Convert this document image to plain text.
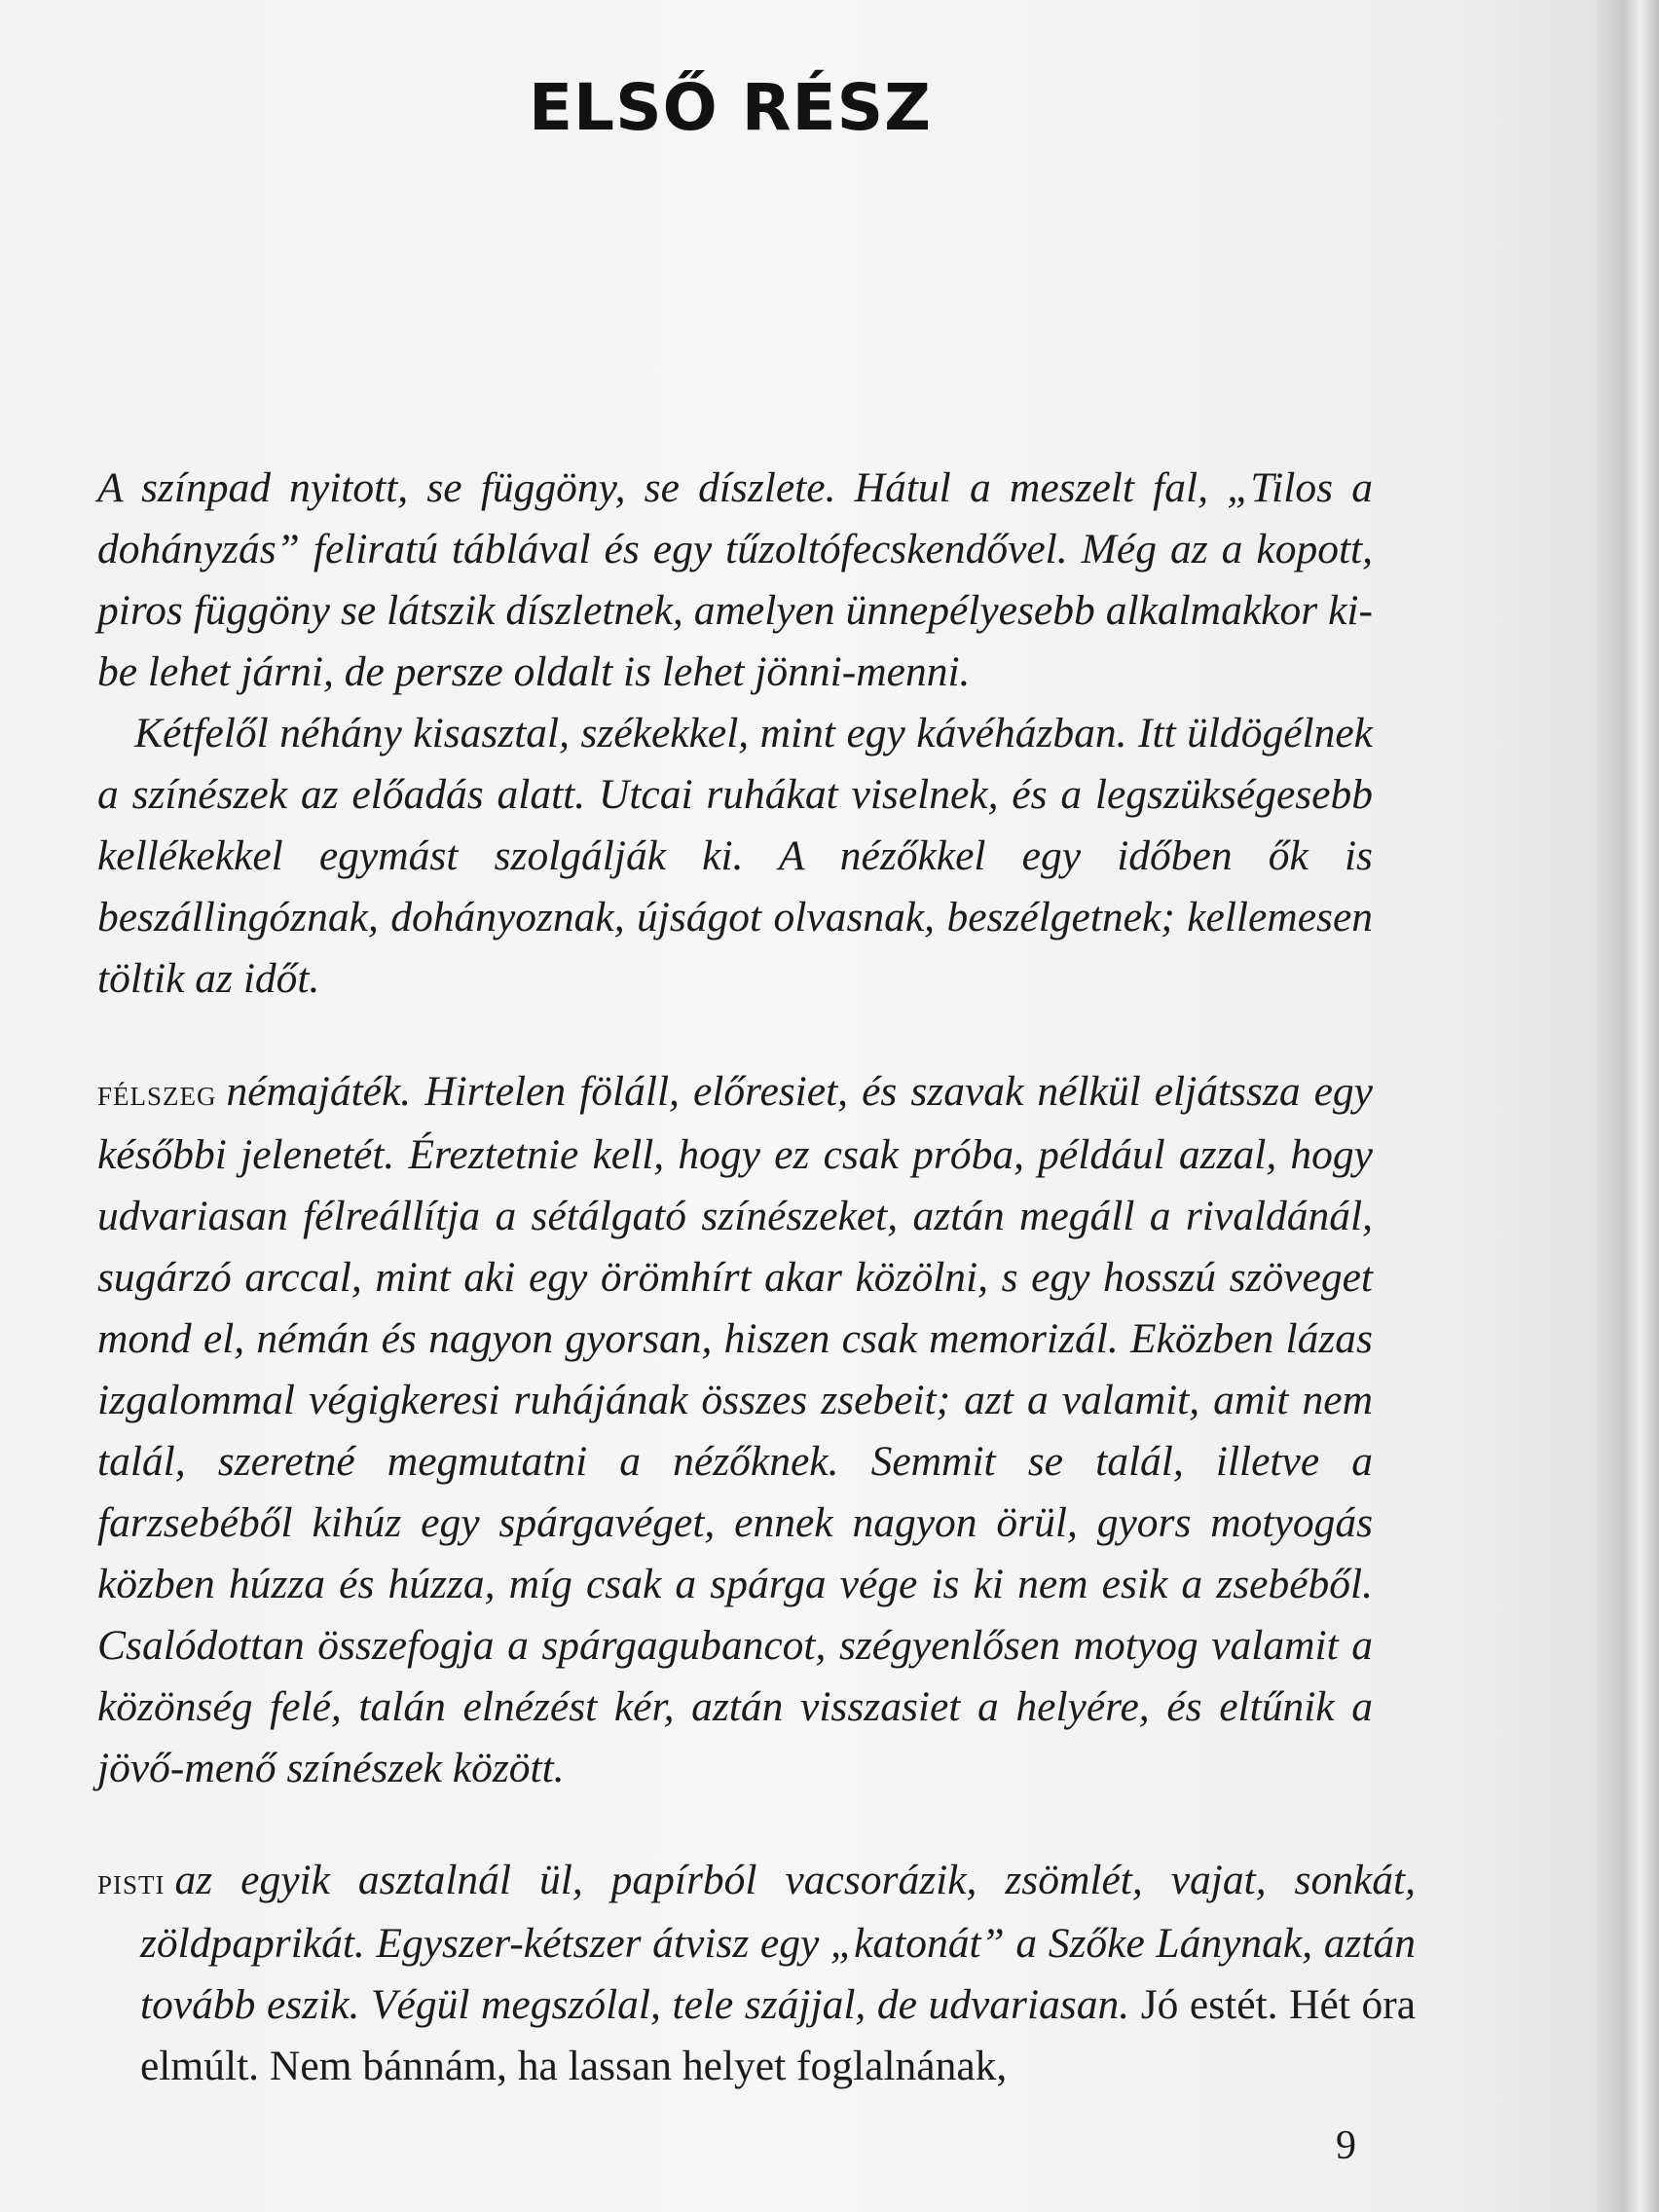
ELSŐ RÉSZ

A színpad nyitott, se függöny, se díszlete. Hátul a meszelt fal, „Tilos a dohányzás” feliratú táblával és egy tűzoltófecskendővel. Még az a kopott, piros függöny se látszik díszletnek, amelyen ünnepélyesebb alkalmakkor ki-be lehet járni, de persze oldalt is lehet jönni-menni.

Kétfelől néhány kisasztal, székekkel, mint egy kávéházban. Itt üldögélnek a színészek az előadás alatt. Utcai ruhákat viselnek, és a legszükségesebb kellékekkel egymást szolgálják ki. A nézőkkel egy időben ők is beszállingóznak, dohányoznak, újságot olvasnak, beszélgetnek; kellemesen töltik az időt.

félszeg némajáték. Hirtelen föláll, előresiet, és szavak nélkül eljátssza egy későbbi jelenetét. Éreztetnie kell, hogy ez csak próba, például azzal, hogy udvariasan félreállítja a sétálgató színészeket, aztán megáll a rivaldánál, sugárzó arccal, mint aki egy örömhírt akar közölni, s egy hosszú szöveget mond el, némán és nagyon gyorsan, hiszen csak memorizál. Eközben lázas izgalommal végigkeresi ruhájának összes zsebeit; azt a valamit, amit nem talál, szeretné megmutatni a nézőknek. Semmit se talál, illetve a farzsebéből kihúz egy spárgavéget, ennek nagyon örül, gyors motyogás közben húzza és húzza, míg csak a spárga vége is ki nem esik a zsebéből. Csalódottan összefogja a spárgagubancot, szégyenlősen motyog valamit a közönség felé, talán elnézést kér, aztán visszasiet a helyére, és eltűnik a jövő-menő színészek között.

pisti az egyik asztalnál ül, papírból vacsorázik, zsömlét, vajat, sonkát, zöldpaprikát. Egyszer-kétszer átvisz egy „katonát” a Szőke Lánynak, aztán tovább eszik. Végül megszólal, tele szájjal, de udvariasan. Jó estét. Hét óra elmúlt. Nem bánnám, ha lassan helyet foglalnának,

9
